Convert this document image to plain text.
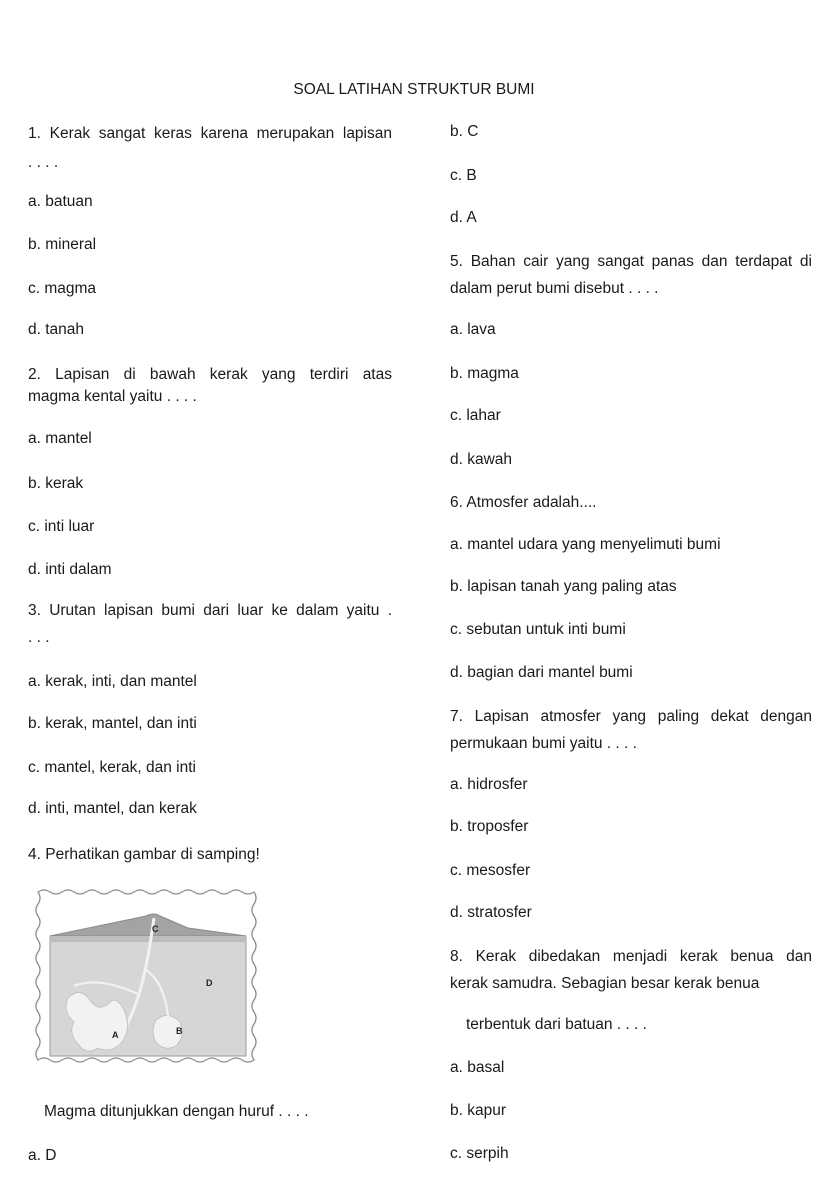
SOAL LATIHAN STRUKTUR BUMI
1. Kerak sangat keras karena merupakan lapisan
. . . .
a. batuan
b. mineral
c. magma
d. tanah
2. Lapisan di bawah kerak yang terdiri atas
magma kental yaitu . . . .
a. mantel
b. kerak
c. inti luar
d. inti dalam
3. Urutan lapisan bumi dari luar ke dalam yaitu .
. . .
a. kerak, inti, dan mantel
b. kerak, mantel, dan inti
c. mantel, kerak, dan inti
d. inti, mantel, dan kerak
4. Perhatikan gambar di samping!
C
D
A	B
Magma ditunjukkan dengan huruf . . . .
a. D
b. C
c. B
d. A
5. Bahan cair yang sangat panas dan terdapat di
dalam perut bumi disebut . . . .
a. lava
b. magma
c. lahar
d. kawah
6. Atmosfer adalah....
a. mantel udara yang menyelimuti bumi
b. lapisan tanah yang paling atas
c. sebutan untuk inti bumi
d. bagian dari mantel bumi
7. Lapisan atmosfer yang paling dekat dengan
permukaan bumi yaitu . . . .
a. hidrosfer
b. troposfer
c. mesosfer
d. stratosfer
8. Kerak dibedakan menjadi kerak benua dan
kerak samudra. Sebagian besar kerak benua
terbentuk dari batuan . . . .
a. basal
b. kapur
c. serpih
